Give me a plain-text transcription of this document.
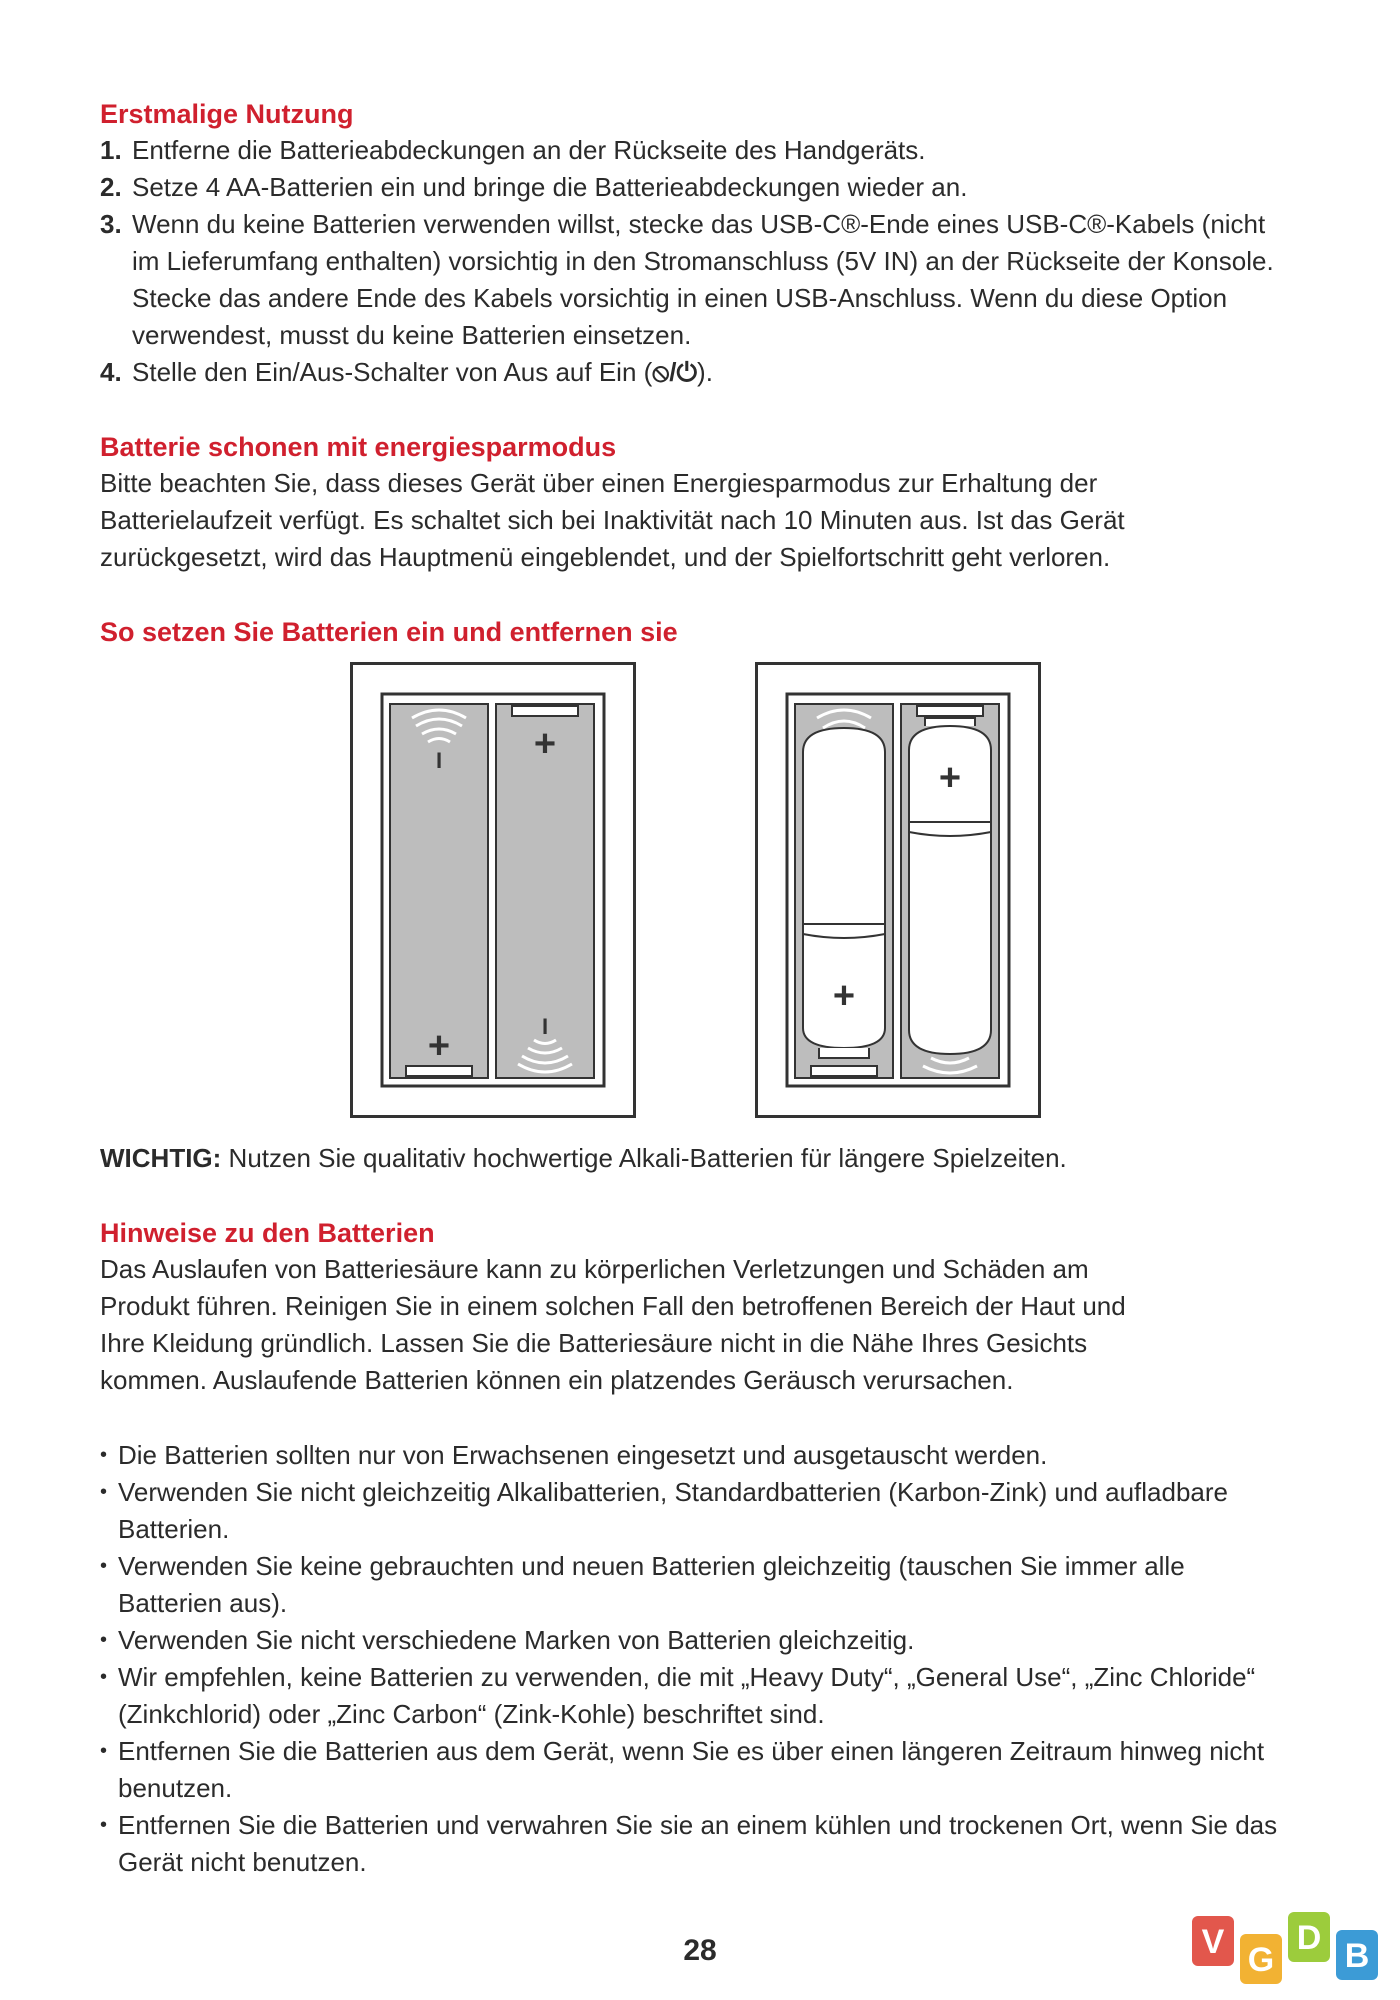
Erstmalige Nutzung
1. Entferne die Batterieabdeckungen an der Rückseite des Handgeräts.
2. Setze 4 AA-Batterien ein und bringe die Batterieabdeckungen wieder an.
3. Wenn du keine Batterien verwenden willst, stecke das USB-C®-Ende eines USB-C®-Kabels (nicht im Lieferumfang enthalten) vorsichtig in den Stromanschluss (5V IN) an der Rückseite der Konsole. Stecke das andere Ende des Kabels vorsichtig in einen USB-Anschluss. Wenn du diese Option verwendest, musst du keine Batterien einsetzen.
4. Stelle den Ein/Aus-Schalter von Aus auf Ein (⦸/⏻).
Batterie schonen mit energiesparmodus

Bitte beachten Sie, dass dieses Gerät über einen Energiesparmodus zur Erhaltung der

Batterielaufzeit verfügt. Es schaltet sich bei Inaktivität nach 10 Minuten aus. Ist das Gerät

zurückgesetzt, wird das Hauptmenü eingeblendet, und der Spielfortschritt geht verloren.

So setzen Sie Batterien ein und entfernen sie
I +
+	I
+
+

WICHTIG: Nutzen Sie qualitativ hochwertige Alkali-Batterien für längere Spielzeiten.

Hinweise zu den Batterien

Das Auslaufen von Batteriesäure kann zu körperlichen Verletzungen und Schäden am

Produkt führen. Reinigen Sie in einem solchen Fall den betroffenen Bereich der Haut und

Ihre Kleidung gründlich. Lassen Sie die Batteriesäure nicht in die Nähe Ihres Gesichts

kommen. Auslaufende Batterien können ein platzendes Geräusch verursachen.

• Die Batterien sollten nur von Erwachsenen eingesetzt und ausgetauscht werden.
• Verwenden Sie nicht gleichzeitig Alkalibatterien, Standardbatterien (Karbon-Zink) und aufladbare Batterien.
• Verwenden Sie keine gebrauchten und neuen Batterien gleichzeitig (tauschen Sie immer alle Batterien aus).
• Verwenden Sie nicht verschiedene Marken von Batterien gleichzeitig.
• Wir empfehlen, keine Batterien zu verwenden, die mit „Heavy Duty“, „General Use“, „Zinc Chloride“ (Zinkchlorid) oder „Zinc Carbon“ (Zink-Kohle) beschriftet sind.
• Entfernen Sie die Batterien aus dem Gerät, wenn Sie es über einen längeren Zeitraum hinweg nicht benutzen.
• Entfernen Sie die Batterien und verwahren Sie sie an einem kühlen und trockenen Ort, wenn Sie das Gerät nicht benutzen.
28	V G
D B
